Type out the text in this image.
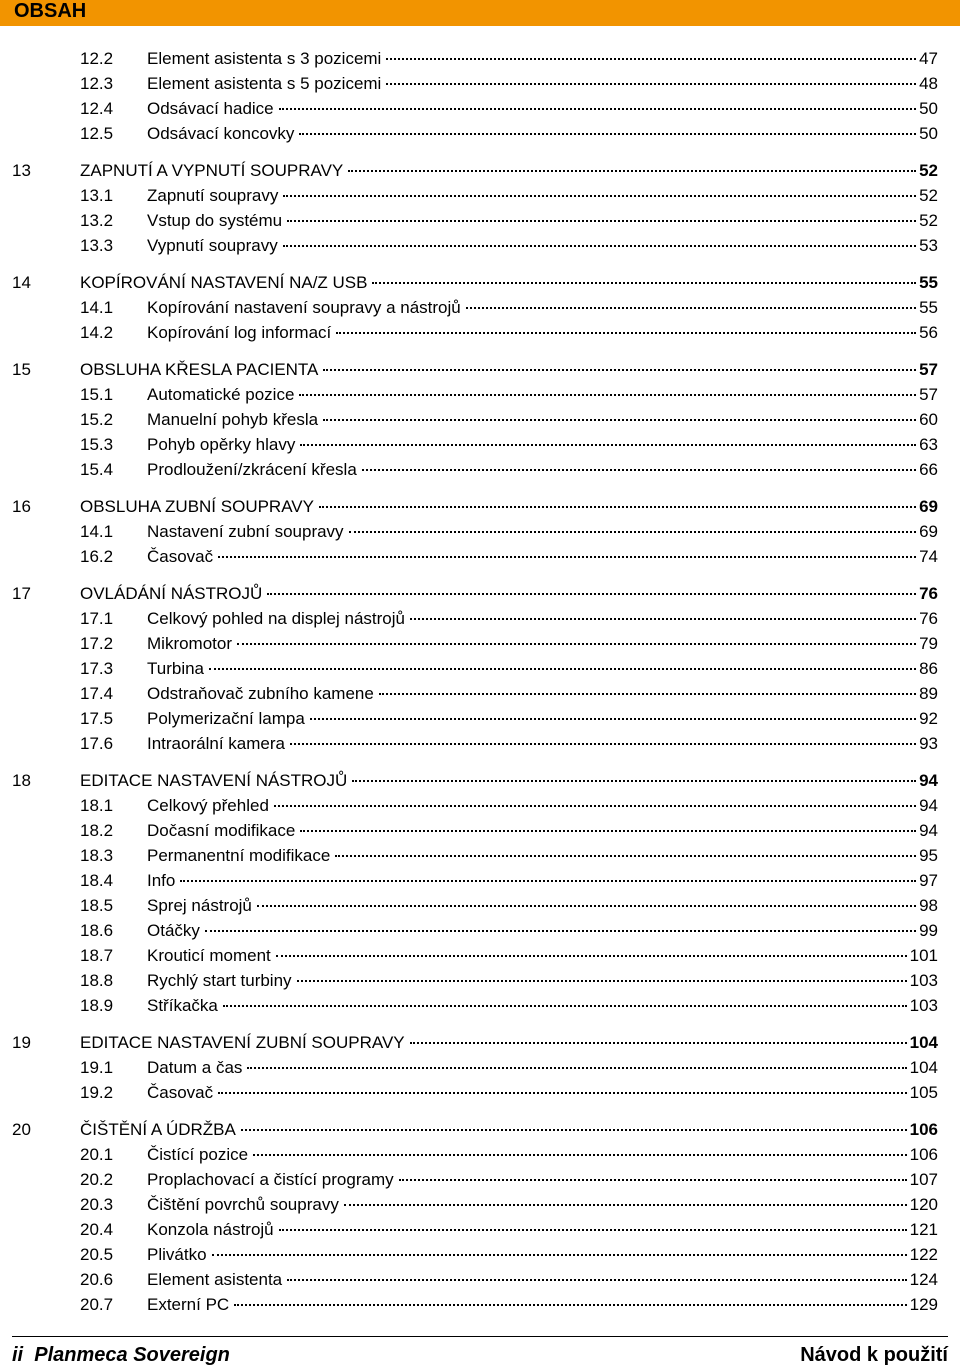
OBSAH
12.2 Element asistenta s 3 pozicemi	47
12.3 Element asistenta s 5 pozicemi	48
12.4 Odsávací hadice	50
12.5 Odsávací koncovky	50
13	ZAPNUTÍ A VYPNUTÍ SOUPRAVY	52
13.1 Zapnutí soupravy	52
13.2 Vstup do systému	52
13.3 Vypnutí soupravy	53
14	KOPÍROVÁNÍ NASTAVENÍ NA/Z USB	55
14.1 Kopírování nastavení soupravy a nástrojů	55
14.2 Kopírování log informací	56
15	OBSLUHA KŘESLA PACIENTA	57
15.1 Automatické pozice	57
15.2 Manuelní pohyb křesla	60
15.3 Pohyb opěrky hlavy	63
15.4 Prodloužení/zkrácení křesla	66
16	OBSLUHA ZUBNÍ SOUPRAVY	69
14.1 Nastavení zubní soupravy	69
16.2 Časovač	74
17	OVLÁDÁNÍ NÁSTROJŮ	76
17.1 Celkový pohled na displej nástrojů	76
17.2 Mikromotor	79
17.3 Turbina	86
17.4 Odstraňovač zubního kamene	89
17.5 Polymerizační lampa	92
17.6 Intraorální kamera	93
18	EDITACE NASTAVENÍ NÁSTROJŮ	94
18.1 Celkový přehled	94
18.2 Dočasní modifikace	94
18.3 Permanentní modifikace	95
18.4 Info	97
18.5 Sprej nástrojů	98
18.6 Otáčky	99
18.7 Krouticí moment	101
18.8 Rychlý start turbiny	103
18.9 Stříkačka	103
19	EDITACE NASTAVENÍ ZUBNÍ SOUPRAVY	104
19.1 Datum a čas	104
19.2 Časovač	105
20	ČIŠTĚNÍ A ÚDRŽBA	106
20.1 Čistící pozice	106
20.2 Proplachovací a čistící programy	107
20.3 Čištění povrchů soupravy	120
20.4 Konzola nástrojů	121
20.5 Plivátko	122
20.6 Element asistenta	124
20.7 Externí PC	129
ii Planmeca Sovereign	Návod k použití
